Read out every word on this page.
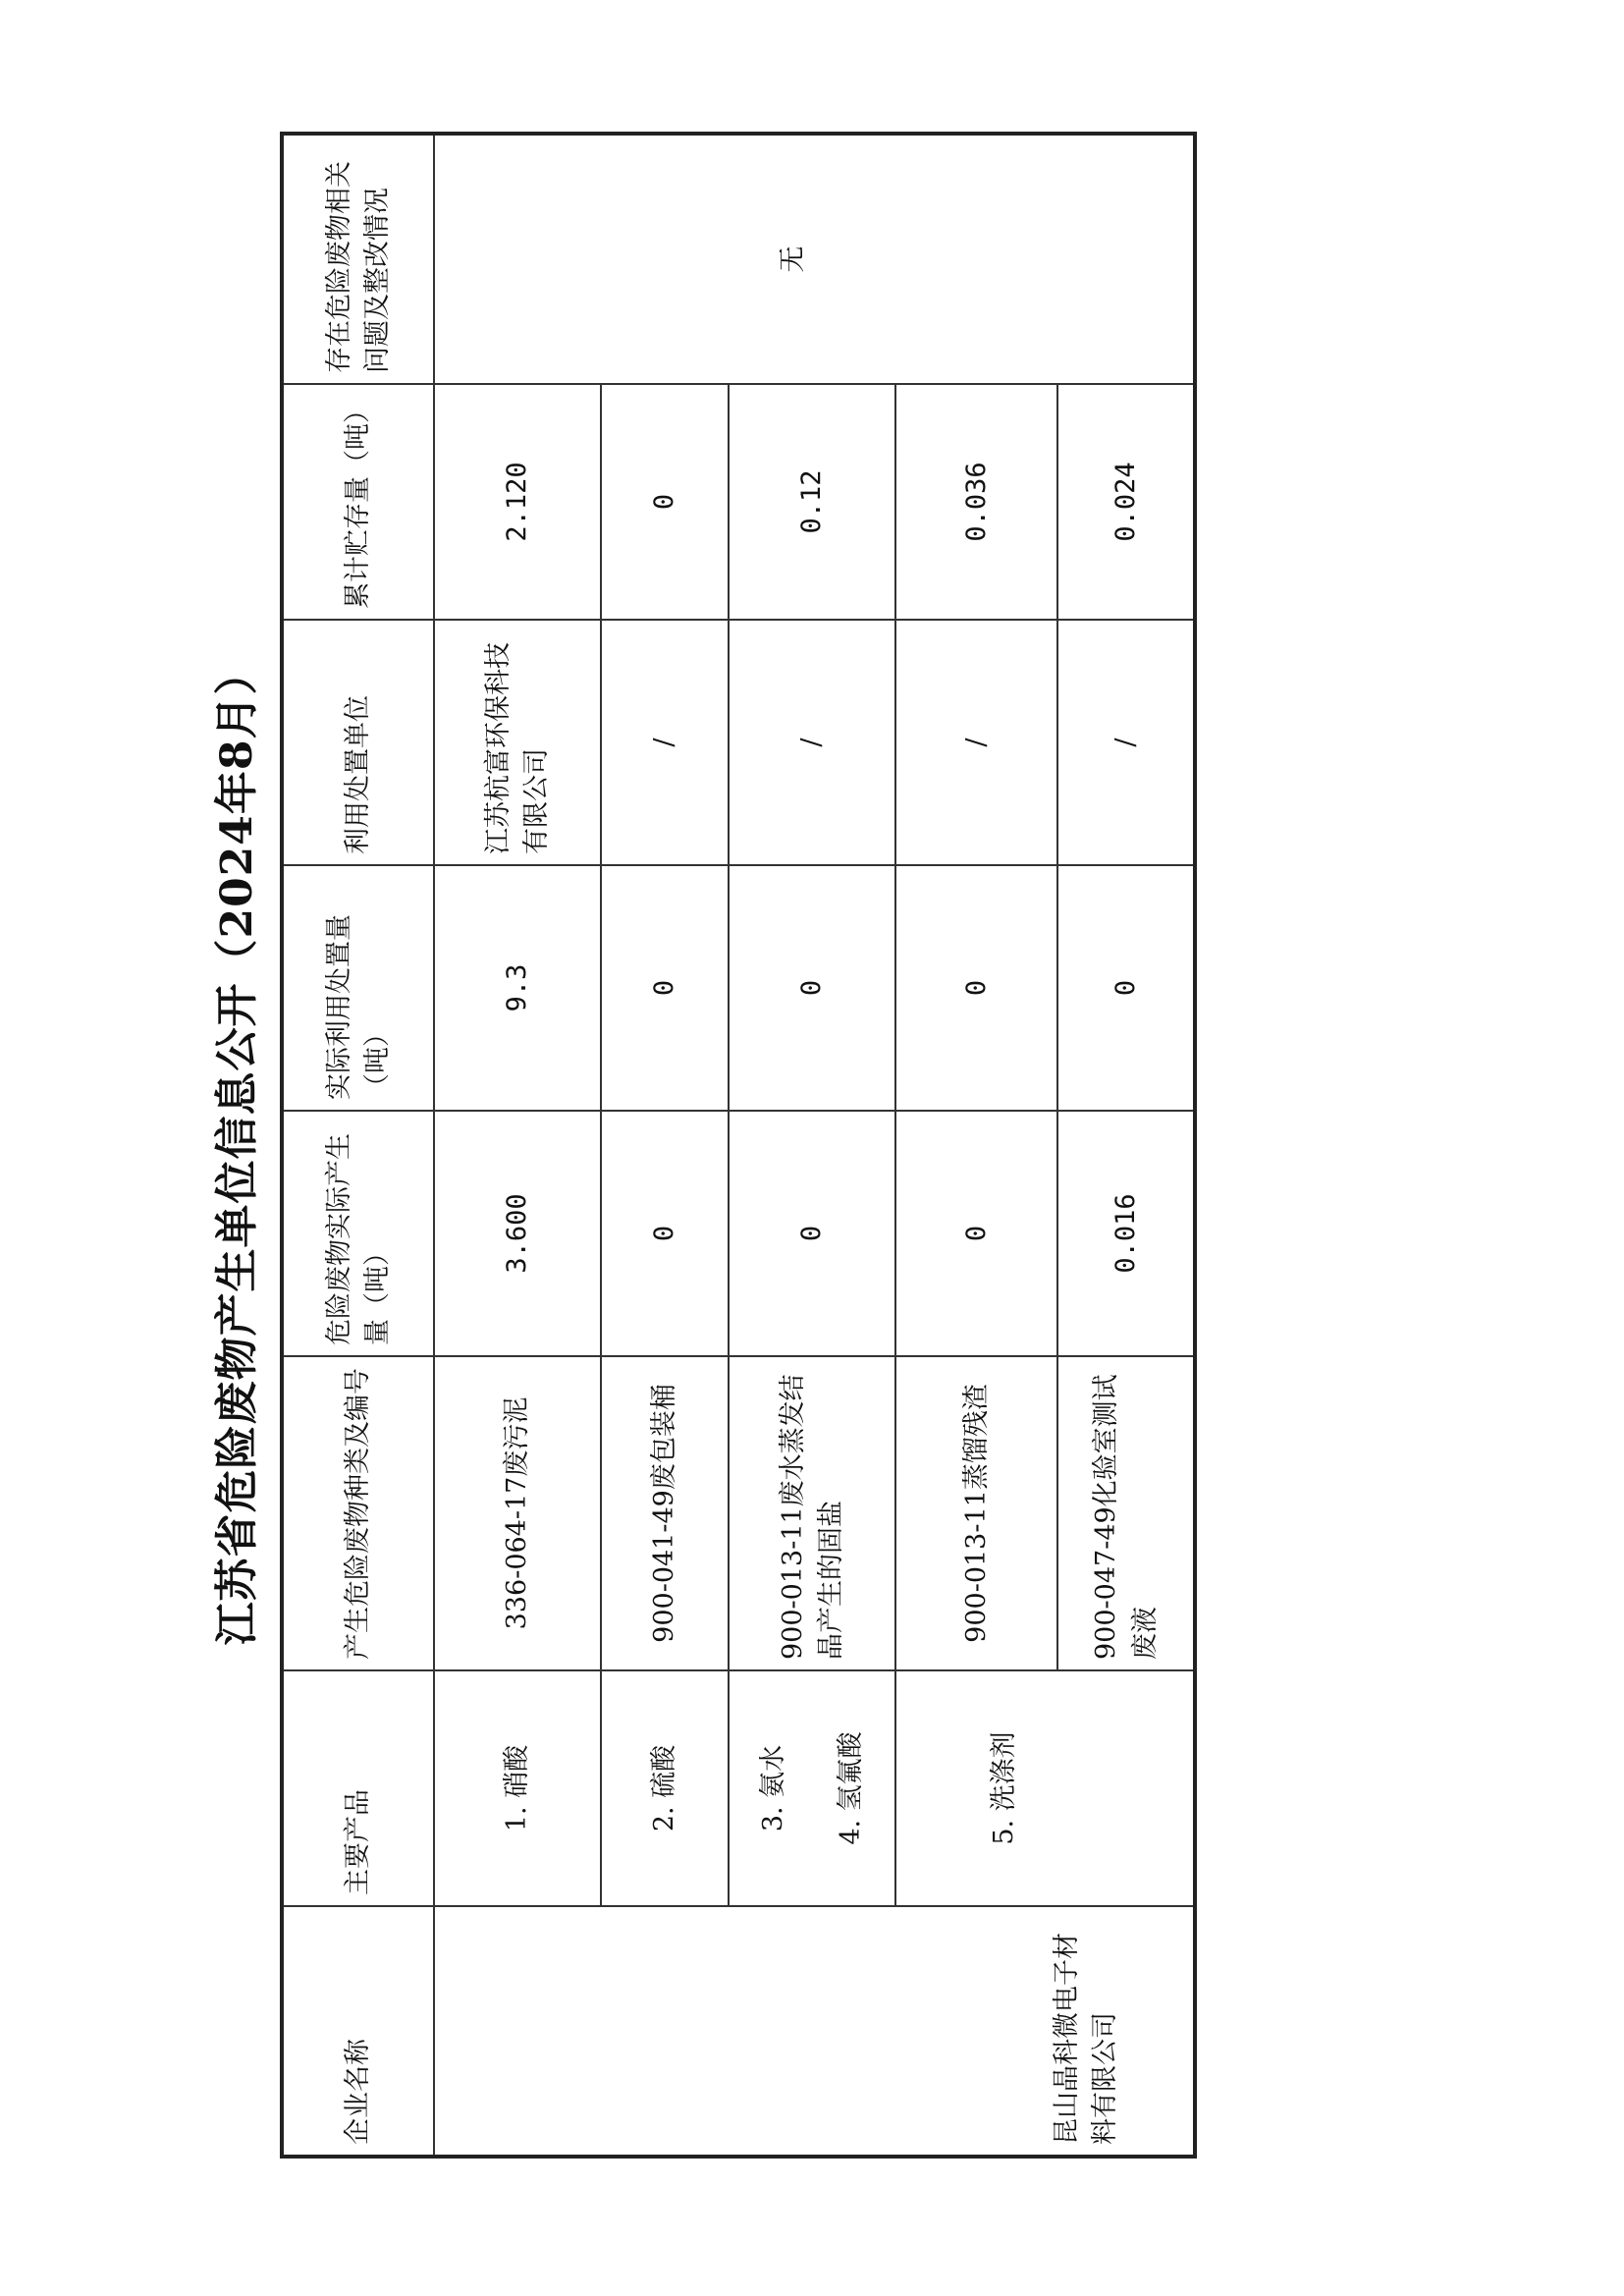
江苏省危险废物产生单位信息公开（2024年8月）
企业名称	主要产品	产生危险废物种类及编号	危险废物实际产生量（吨）	实际利用处置量（吨）	利用处置单位	累计贮存量（吨）	存在危险废物相关问题及整改情况
昆山晶科微电子材料有限公司	1. 硝酸	336-064-17废污泥	3.600	9.3	江苏杭富环保科技有限公司	2.120	无
	2. 硫酸	900-041-49废包装桶	0	0	/	0	

	3. 氨水 4. 氢氟酸	900-013-11废水蒸发结晶产生的固盐	0	0	/	0.12	
	5. 洗涤剂	900-013-11蒸馏残渣	0	0	/	0.036	
		900-047-49化验室测试废液	0.016	0	/	0.024	
